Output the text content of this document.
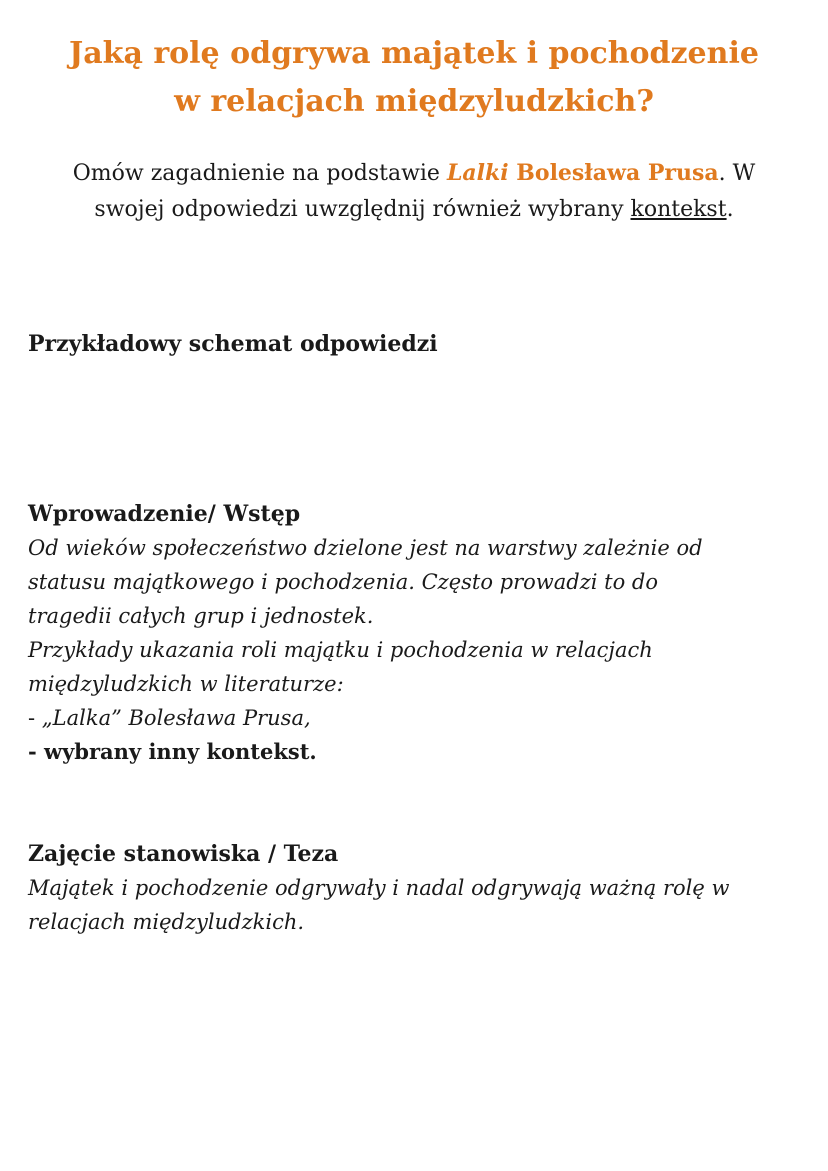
Jaką rolę odgrywa majątek i pochodzenie
w relacjach międzyludzkich?

Omów zagadnienie na podstawie Lalki Bolesława Prusa. W
swojej odpowiedzi uwzględnij również wybrany kontekst.

Przykładowy schemat odpowiedzi
Wprowadzenie/ Wstęp
Od wieków społeczeństwo dzielone jest na warstwy zależnie od
statusu majątkowego i pochodzenia. Często prowadzi to do
tragedii całych grup i jednostek.
Przykłady ukazania roli majątku i pochodzenia w relacjach
międzyludzkich w literaturze:
- „Lalka” Bolesława Prusa,
- wybrany inny kontekst.
Zajęcie stanowiska / Teza
Majątek i pochodzenie odgrywały i nadal odgrywają ważną rolę w
relacjach międzyludzkich.
